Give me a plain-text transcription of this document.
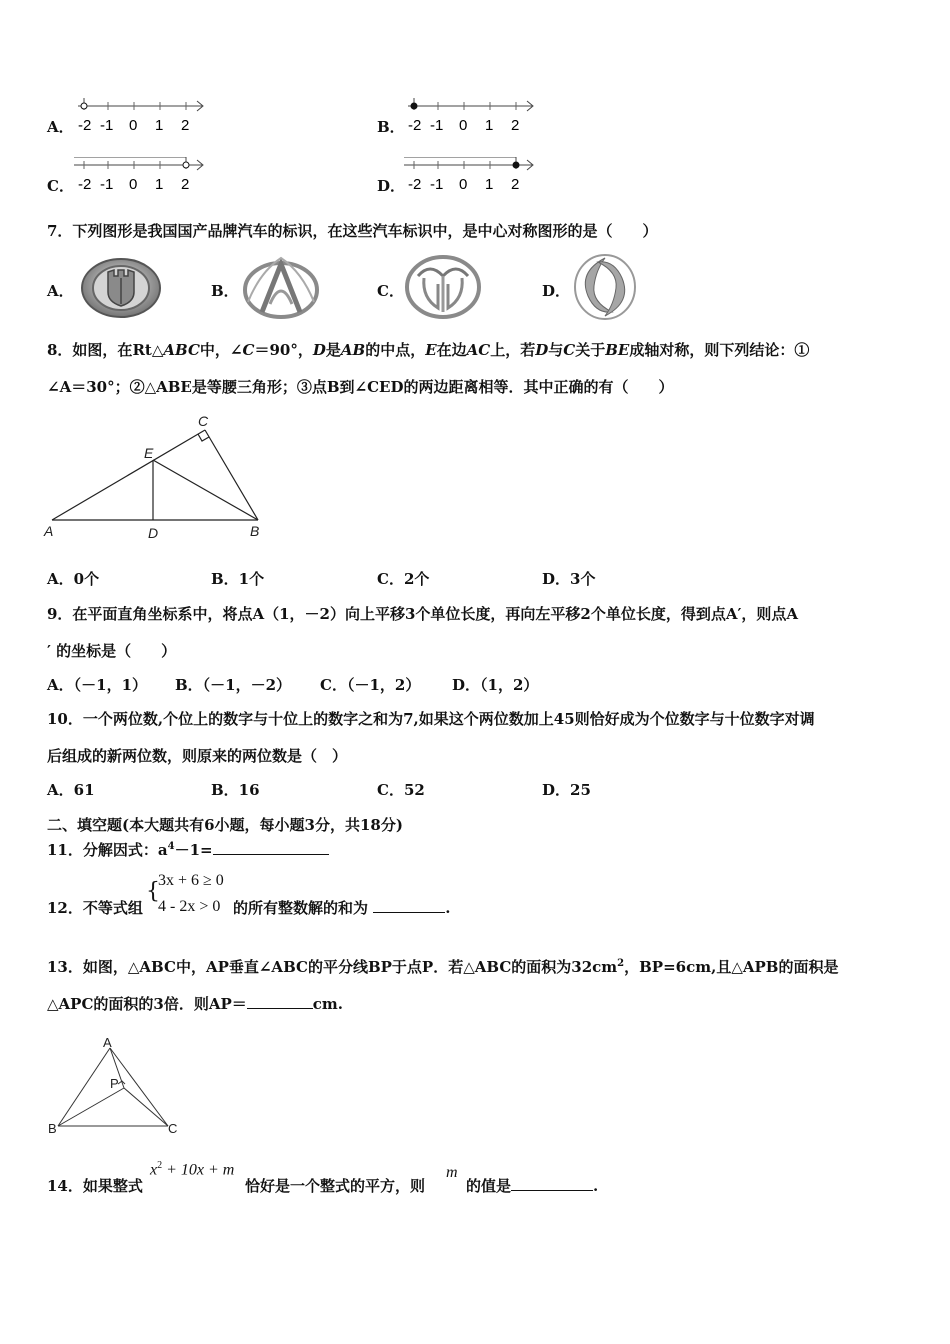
A． -2 -1 0 1 2	B． -2 -1 0 1 2
C． -2 -1 0 1 2	D． -2 -1 0 1 2
7．下列图形是我国国产品牌汽车的标识，在这些汽车标识中，是中心对称图形的是（　　）
A．	B．	C．	D．
8．如图，在Rt△ABC中，∠C＝90°，D是AB的中点，E在边AC上，若D与C关于BE成轴对称，则下列结论：①
∠A＝30°；②△ABE是等腰三角形；③点B到∠CED的两边距离相等．其中正确的有（　　）
A	B
C
D
E
A．0个	B．1个	C．2个	D．3个
9．在平面直角坐标系中，将点A（1，－2）向上平移3个单位长度，再向左平移2个单位长度，得到点A′，则点A
′ 的坐标是（　　）
A．（－1，1） B．（－1，－2） C．（－1，2） D．（1，2）
10．一个两位数,个位上的数字与十位上的数字之和为7,如果这个两位数加上45则恰好成为个位数字与十位数字对调
后组成的新两位数，则原来的两位数是（　）
A．61	B．16	C．52	D．25
二、填空题(本大题共有6小题，每小题3分，共18分)
11．分解因式：$a^4-1=$
12．不等式组
{
3x + 6 ≥ 0
4 - 2x > 0 的所有整数解的和为	.
13．如图，△ABC中，AP垂直∠ABC的平分线BP于点P．若△ABC的面积为$32cm^2$，BP=6cm,且△APB的面积是
△APC的面积的3倍．则AP＝	cm.
A
B	C
P
14．如果整式
$x^2 + 10x + m$
恰好是一个整式的平方，则
m
的值是	.
